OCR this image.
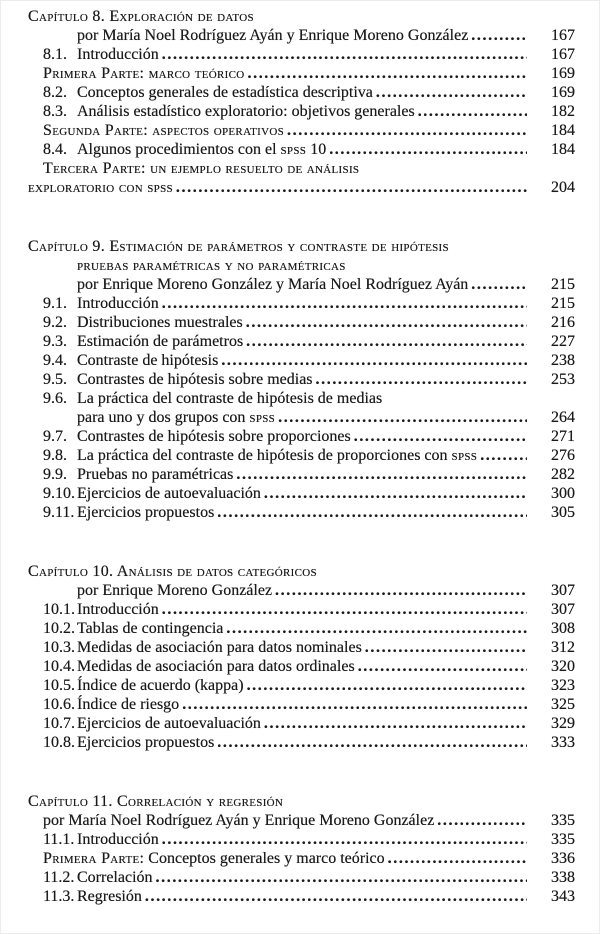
Capítulo 8. Exploración de datos
por María Noel Rodríguez Ayán y Enrique Moreno González .....	167
8.1. Introducción .....	167
Primera Parte: marco teórico .....	169
8.2. Conceptos generales de estadística descriptiva .....	169
8.3. Análisis estadístico exploratorio: objetivos generales .....	182
Segunda Parte: aspectos operativos .....	184
8.4. Algunos procedimientos con el spss 10 .....	184
Tercera Parte: un ejemplo resuelto de análisis
exploratorio con spss .....	204
Capítulo 9. Estimación de parámetros y contraste de hipótesis
pruebas paramétricas y no paramétricas
por Enrique Moreno González y María Noel Rodríguez Ayán .....	215
9.1. Introducción .....	215
9.2. Distribuciones muestrales .....	216
9.3. Estimación de parámetros .....	227
9.4. Contraste de hipótesis .....	238
9.5. Contrastes de hipótesis sobre medias .....	253
9.6. La práctica del contraste de hipótesis de medias
para uno y dos grupos con spss .....	264
9.7. Contrastes de hipótesis sobre proporciones .....	271
9.8. La práctica del contraste de hipótesis de proporciones con spss .....	276
9.9. Pruebas no paramétricas .....	282
9.10. Ejercicios de autoevaluación .....	300
9.11. Ejercicios propuestos .....	305
Capítulo 10. Análisis de datos categóricos
por Enrique Moreno González .....	307
10.1. Introducción .....	307
10.2. Tablas de contingencia .....	308
10.3. Medidas de asociación para datos nominales .....	312
10.4. Medidas de asociación para datos ordinales .....	320
10.5. Índice de acuerdo (kappa) .....	323
10.6. Índice de riesgo .....	325
10.7. Ejercicios de autoevaluación .....	329
10.8. Ejercicios propuestos .....	333
Capítulo 11. Correlación y regresión
por María Noel Rodríguez Ayán y Enrique Moreno González .....	335
11.1. Introducción .....	335
Primera Parte: Conceptos generales y marco teórico .....	336
11.2. Correlación .....	338
11.3. Regresión .....	343
